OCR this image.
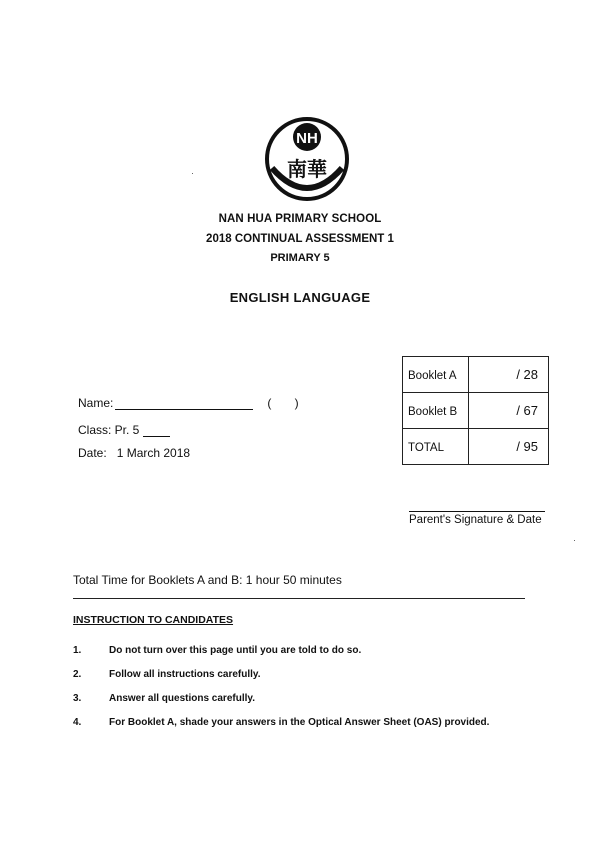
NH
南華
NAN HUA PRIMARY SCHOOL
2018 CONTINUAL ASSESSMENT 1
PRIMARY 5
ENGLISH LANGUAGE
Name:	(       )
Class: Pr. 5
Date: 1 March 2018
Booklet A	/ 28
Booklet B	/ 67
TOTAL	/ 95
Parent's Signature & Date
Total Time for Booklets A and B: 1 hour 50 minutes
INSTRUCTION TO CANDIDATES
1.	Do not turn over this page until you are told to do so.
2.	Follow all instructions carefully.
3.	Answer all questions carefully.
4.	For Booklet A, shade your answers in the Optical Answer Sheet (OAS) provided.
